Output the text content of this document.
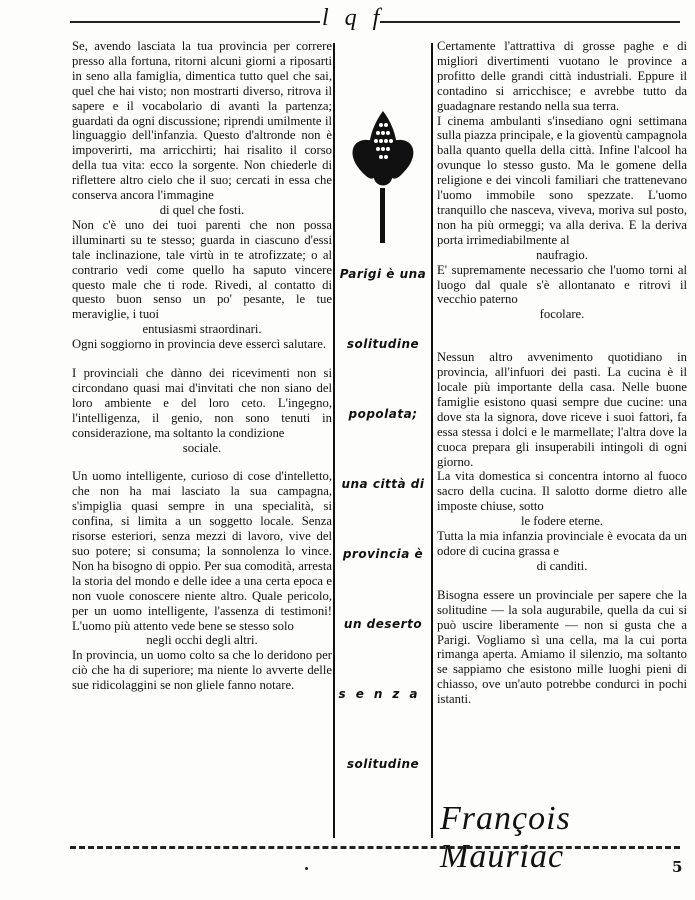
l q f

Se, avendo lasciata la tua provincia per correre presso alla fortuna, ritorni alcuni giorni a riposarti in seno alla famiglia, dimentica tutto quel che sai, quel che hai visto; non mostrarti diverso, ritrova il sapere e il vocabolario di avanti la partenza; guardati da ogni discussione; riprendi umilmente il linguaggio dell'infanzia. Questo d'altronde non è impoverirti, ma arricchirti; hai risalito il corso della tua vita: ecco la sorgente. Non chiederle di riflettere altro cielo che il suo; cercati in essa che conserva ancora l'immagine

di quel che fosti.

Non c'è uno dei tuoi parenti che non possa illuminarti su te stesso; guarda in ciascuno d'essi tale inclinazione, tale virtù in te atrofizzate; o al contrario vedi come quello ha saputo vincere questo male che ti rode. Rivedi, al contatto di questo buon senso un po' pesante, le tue meraviglie, i tuoi

entusiasmi straordinari.

Ogni soggiorno in provincia deve essercì salutare.

I provinciali che dànno dei ricevimenti non si circondano quasi mai d'invitati che non siano del loro ambiente e del loro ceto. L'ingegno, l'intelligenza, il genio, non sono tenuti in considerazione, ma soltanto la condizione

sociale.

Un uomo intelligente, curioso di cose d'intelletto, che non ha mai lasciato la sua campagna, s'impiglia quasi sempre in una specialità, si confina, si limita a un soggetto locale. Senza risorse esteriori, senza mezzi di lavoro, vive del suo potere; si consuma; la sonnolenza lo vince. Non ha bisogno di oppio. Per sua comodità, arresta la storia del mondo e delle idee a una certa epoca e non vuole conoscere niente altro. Quale pericolo, per un uomo intelligente, l'assenza di testimoni! L'uomo più attento vede bene se stesso solo

negli occhi degli altri.

In provincia, un uomo colto sa che lo deridono per ciò che ha di superiore; ma niente lo avverte delle sue ridicolaggini se non gliele fanno notare.

Parigi è una
solitudine
popolata;
una città di
provincia è
un deserto
senza
solitudine

Certamente l'attrattiva di grosse paghe e di migliori divertimenti vuotano le province a profitto delle grandi città industriali. Eppure il contadino si arricchisce; e avrebbe tutto da guadagnare restando nella sua terra.

I cinema ambulanti s'insediano ogni settimana sulla piazza principale, e la gioventù campagnola balla quanto quella della città. Infine l'alcool ha ovunque lo stesso gusto. Ma le gomene della religione e dei vincoli familiari che trattenevano l'uomo immobile sono spezzate. L'uomo tranquillo che nasceva, viveva, moriva sul posto, non ha più ormeggi; va alla deriva. E la deriva porta irrimediabilmente al

naufragio.

E' supremamente necessario che l'uomo torni al luogo dal quale s'è allontanato e ritrovi il vecchio paterno

focolare.

Nessun altro avvenimento quotidiano in provincia, all'infuori dei pasti. La cucina è il locale più importante della casa. Nelle buone famiglie esistono quasi sempre due cucine: una dove sta la signora, dove riceve i suoi fattori, fa essa stessa i dolci e le marmellate; l'altra dove la cuoca prepara gli insuperabili intingoli di ogni giorno.

La vita domestica si concentra intorno al fuoco sacro della cucina. Il salotto dorme dietro alle imposte chiuse, sotto

le fodere eterne.

Tutta la mia infanzia provinciale è evocata da un odore di cucina grassa e

di canditi.

Bisogna essere un provinciale per sapere che la solitudine — la sola augurabile, quella da cui si può uscire liberamente — non si gusta che a Parigi. Vogliamo sì una cella, ma la cui porta rimanga aperta. Amiamo il silenzio, ma soltanto se sappiamo che esistono mille luoghi pieni di chiasso, ove un'auto potrebbe condurci in pochi istanti.

François Mauriac	5
